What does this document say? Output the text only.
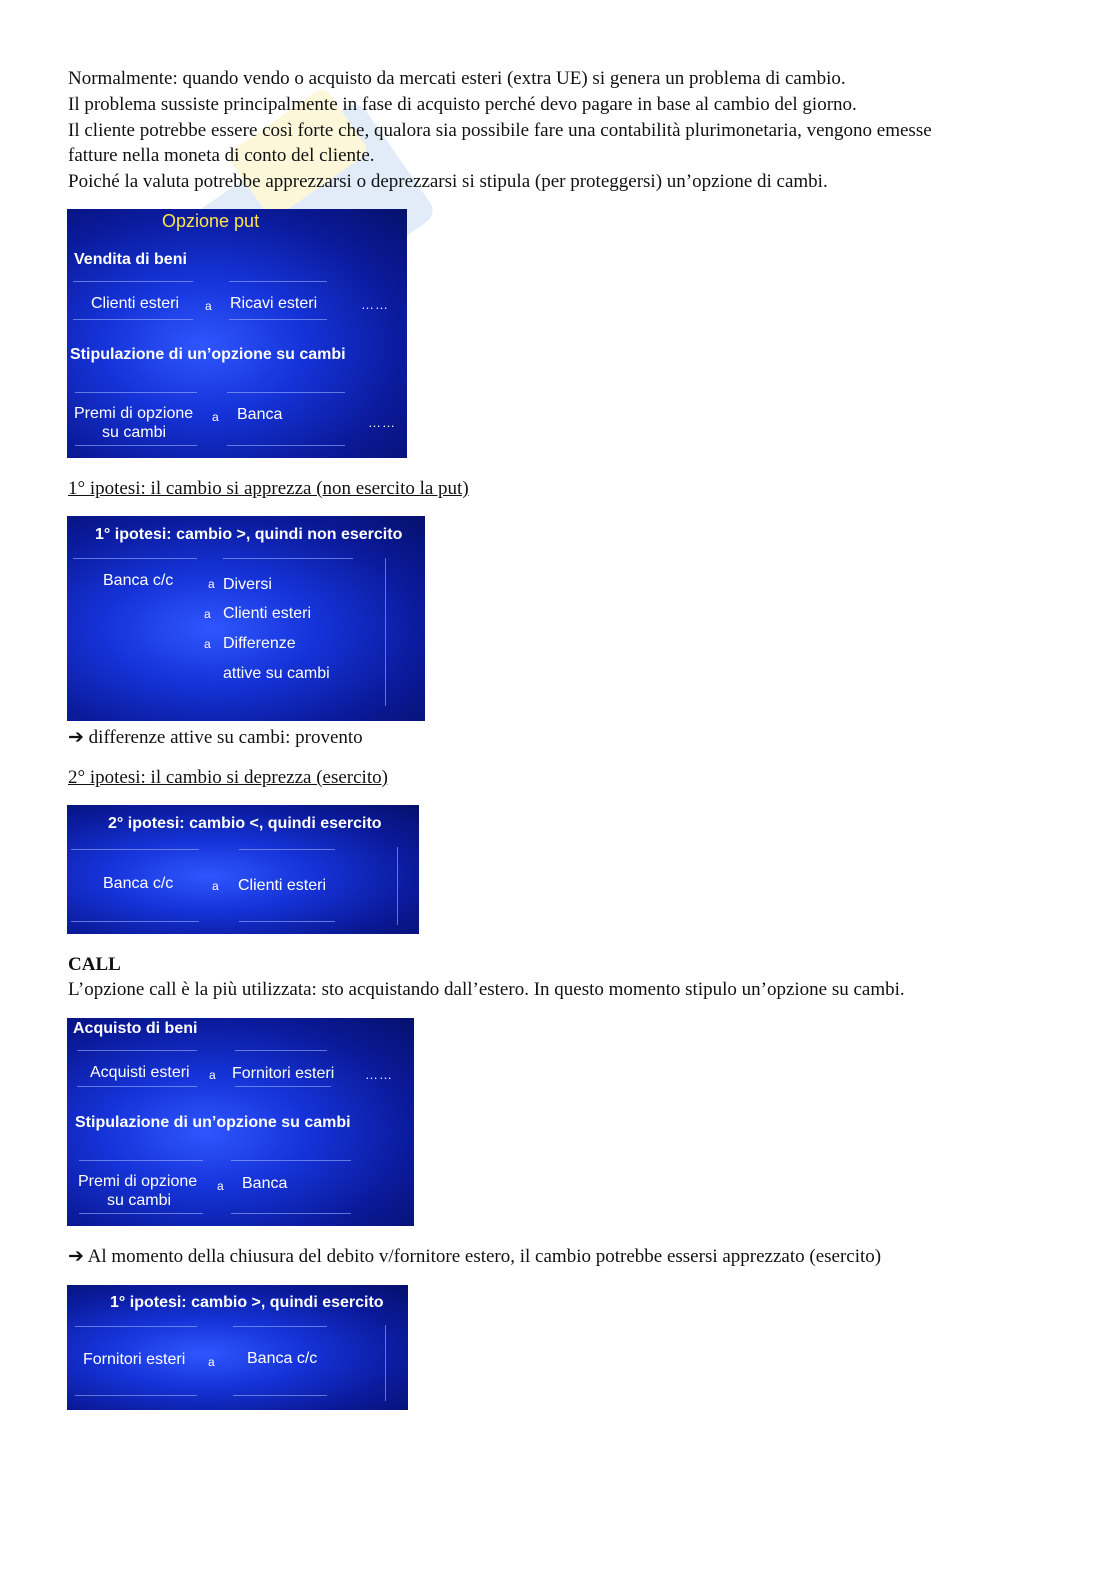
Normalmente: quando vendo o acquisto da mercati esteri (extra UE) si genera un problema di cambio.
Il problema sussiste principalmente in fase di acquisto perché devo pagare in base al cambio del giorno.
Il cliente potrebbe essere così forte che, qualora sia possibile fare una contabilità plurimonetaria, vengono emesse
fatture nella moneta di conto del cliente.
Poiché la valuta potrebbe apprezzarsi o deprezzarsi si stipula (per proteggersi) un’opzione di cambi.
Opzione put
Vendita di beni
Clienti esteri a Ricavi esteri	……
Stipulazione di un’opzione su cambi
Premi di opzione
su cambi
a Banca	……
1° ipotesi: il cambio si apprezza (non esercito la put)
1° ipotesi: cambio >, quindi non esercito
Banca c/c	a Diversi
a Clienti esteri
a Differenze
attive su cambi
➔ differenze attive su cambi: provento
2° ipotesi: il cambio si deprezza (esercito)
2° ipotesi: cambio <, quindi esercito
Banca c/c	a Clienti esteri
CALL
L’opzione call è la più utilizzata: sto acquistando dall’estero. In questo momento stipulo un’opzione su cambi.
Acquisto di beni
Acquisti esteri a Fornitori esteri ……
Stipulazione di un’opzione su cambi
Premi di opzione
su cambi
a Banca
➔ Al momento della chiusura del debito v/fornitore estero, il cambio potrebbe essersi apprezzato (esercito)
1° ipotesi: cambio >, quindi esercito
Fornitori esteri a Banca c/c
